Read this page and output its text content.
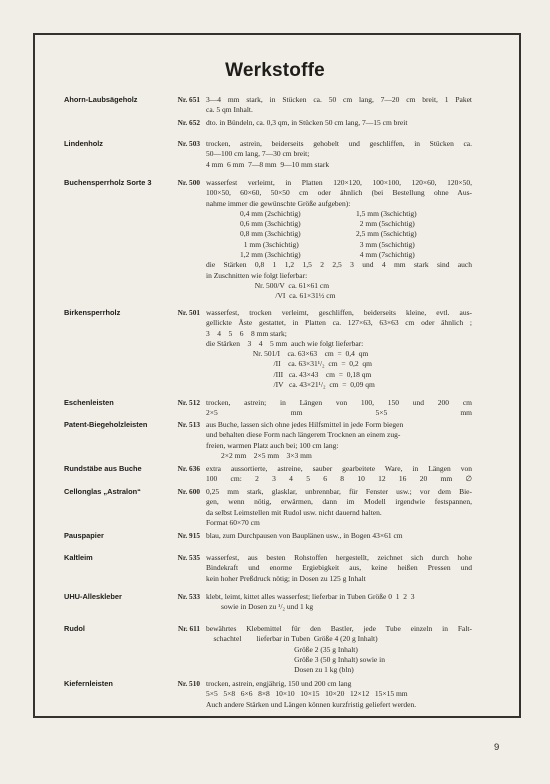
Werkstoffe
Ahorn-Laubsägeholz	Nr. 651 3—4 mm stark, in Stücken ca. 50 cm lang, 7—20 cm breit, 1 Paket
ca. 5 qm Inhalt.
Nr. 652 dto. in Bündeln, ca. 0,3 qm, in Stücken 50 cm lang, 7—15 cm breit
Lindenholz	Nr. 503 trocken, astrein, beiderseits gehobelt und geschliffen, in Stücken ca.
50—100 cm lang, 7—30 cm breit;
4 mm  6 mm  7—8 mm  9—10 mm stark
Buchensperrholz Sorte 3	Nr. 500 wasserfest verleimt, in Platten 120×120, 100×100, 120×60, 120×50,
100×50, 60×60, 50×50 cm oder ähnlich (bei Bestellung ohne Aus-
nahme immer die gewünschte Größe aufgeben):
0,4 mm (2schichtig)	1,5 mm (3schichtig)
0,6 mm (3schichtig)	2 mm (5schichtig)
0,8 mm (3schichtig)	2,5 mm (5schichtig)
1 mm (3schichtig)	3 mm (5schichtig)
1,2 mm (3schichtig)	4 mm (7schichtig)
die Stärken 0,8 1 1,2 1,5 2 2,5 3 und 4 mm stark sind auch
in Zuschnitten wie folgt lieferbar:
Nr. 500/V  ca. 61×61 cm
/VI  ca. 61×31½ cm
Birkensperrholz	Nr. 501 wasserfest, trocken verleimt, geschliffen, beiderseits kleine, evtl. aus-
gellickte Äste gestattet, in Platten ca. 127×63, 63×63 cm oder ähnlich ;
3    4    5    6    8 mm stark;
die Stärken    3    4    5 mm  auch wie folgt lieferbar:
Nr. 501/I    ca. 63×63    cm  =  0,4  qm
/II    ca. 63×31¹/₂  cm  =  0,2  qm
/III   ca. 43×43    cm  =  0,18 qm
/IV   ca. 43×21¹/₂  cm  =  0,09 qm
Eschenleisten	Nr. 512 trocken, astrein; in Längen von 100, 150 und 200 cm
2×5 mm 5×5 mm
Patent-Biegeholzleisten	Nr. 513 aus Buche, lassen sich ohne jedes Hilfsmittel in jede Form biegen
und behalten diese Form nach längerem Trocknen an einem zug-
freien, warmen Platz auch bei; 100 cm lang:
2×2 mm    2×5 mm    3×3 mm
Rundstäbe aus Buche	Nr. 636 extra aussortierte, astreine, sauber gearbeitete Ware, in Längen von
100 cm: 2 3 4 5 6 8 10 12 16 20 mm ∅
Cellonglas „Astralon“	Nr. 600 0,25 mm stark, glasklar, unbrennbar, für Fenster usw.; vor dem Bie-
gen, wenn nötig, erwärmen, dann im Modell irgendwie festspannen,
da selbst Leimstellen mit Rudol usw. nicht dauernd halten.
Format 60×70 cm
Pauspapier	Nr. 915 blau, zum Durchpausen von Bauplänen usw., in Bogen 43×61 cm
Kaltleim	Nr. 535 wasserfest, aus besten Rohstoffen hergestellt, zeichnet sich durch hohe
Bindekraft und enorme Ergiebigkeit aus, keine heißen Pressen und
kein hoher Preßdruck nötig; in Dosen zu 125 g Inhalt
UHU-Alleskleber	Nr. 533 klebt, leimt, kittet alles wasserfest; lieferbar in Tuben Größe 0  1  2  3
sowie in Dosen zu ¹/₂ und 1 kg
Rudol	Nr. 611 bewährtes Klebemittel für den Bastler, jede Tube einzeln in Falt-
schachtel        lieferbar in Tuben  Größe 4 (20 g Inhalt)
Größe 2 (35 g Inhalt)
Größe 3 (50 g Inhalt) sowie in
Dosen zu 1 kg (bln)
Kiefernleisten	Nr. 510 trocken, astrein, engjährig, 150 und 200 cm lang
5×5   5×8   6×6   8×8   10×10   10×15   10×20   12×12   15×15 mm
Auch andere Stärken und Längen können kurzfristig geliefert werden.
9
